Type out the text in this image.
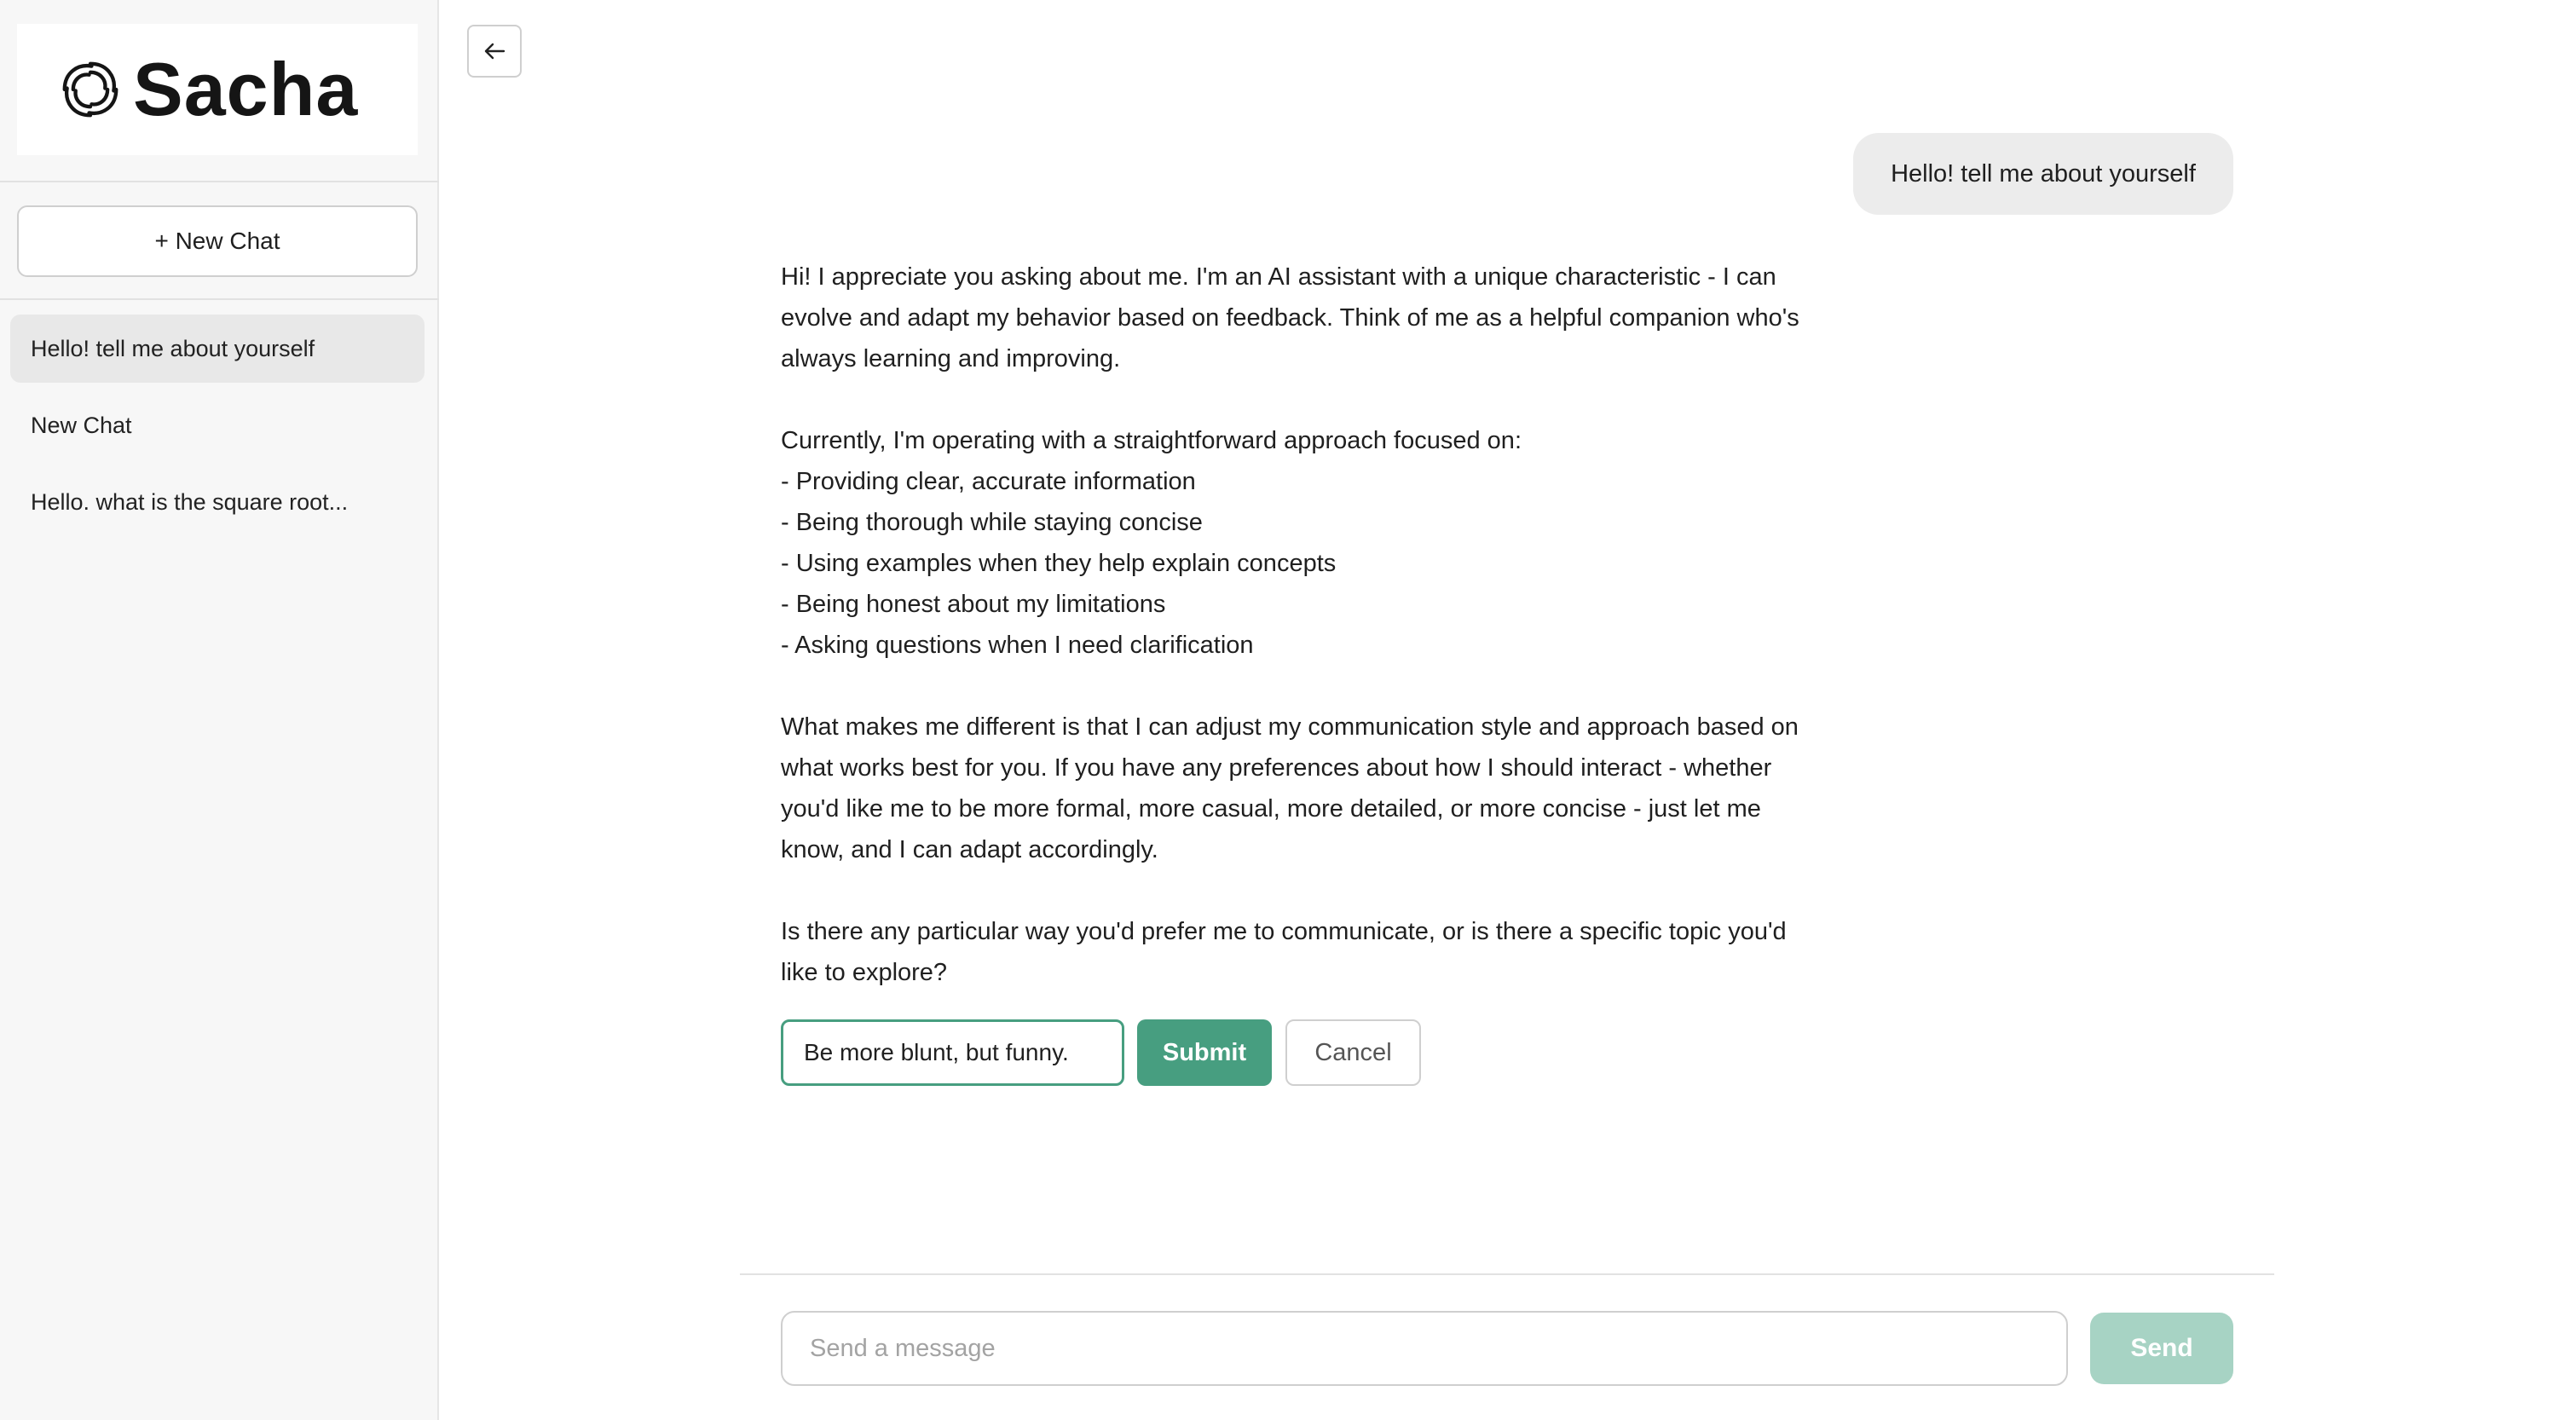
Sacha
+ New Chat
Hello! tell me about yourself
New Chat
Hello. what is the square root...
Hello! tell me about yourself

Hi! I appreciate you asking about me. I'm an AI assistant with a unique characteristic - I can evolve and adapt my behavior based on feedback. Think of me as a helpful companion who's always learning and improving.

Currently, I'm operating with a straightforward approach focused on:
- Providing clear, accurate information
- Being thorough while staying concise
- Using examples when they help explain concepts
- Being honest about my limitations
- Asking questions when I need clarification

What makes me different is that I can adjust my communication style and approach based on what works best for you. If you have any preferences about how I should interact - whether you'd like me to be more formal, more casual, more detailed, or more concise - just let me know, and I can adapt accordingly.

Is there any particular way you'd prefer me to communicate, or is there a specific topic you'd like to explore?

Be more blunt, but funny.
Submit	Cancel
Send a message
Send
